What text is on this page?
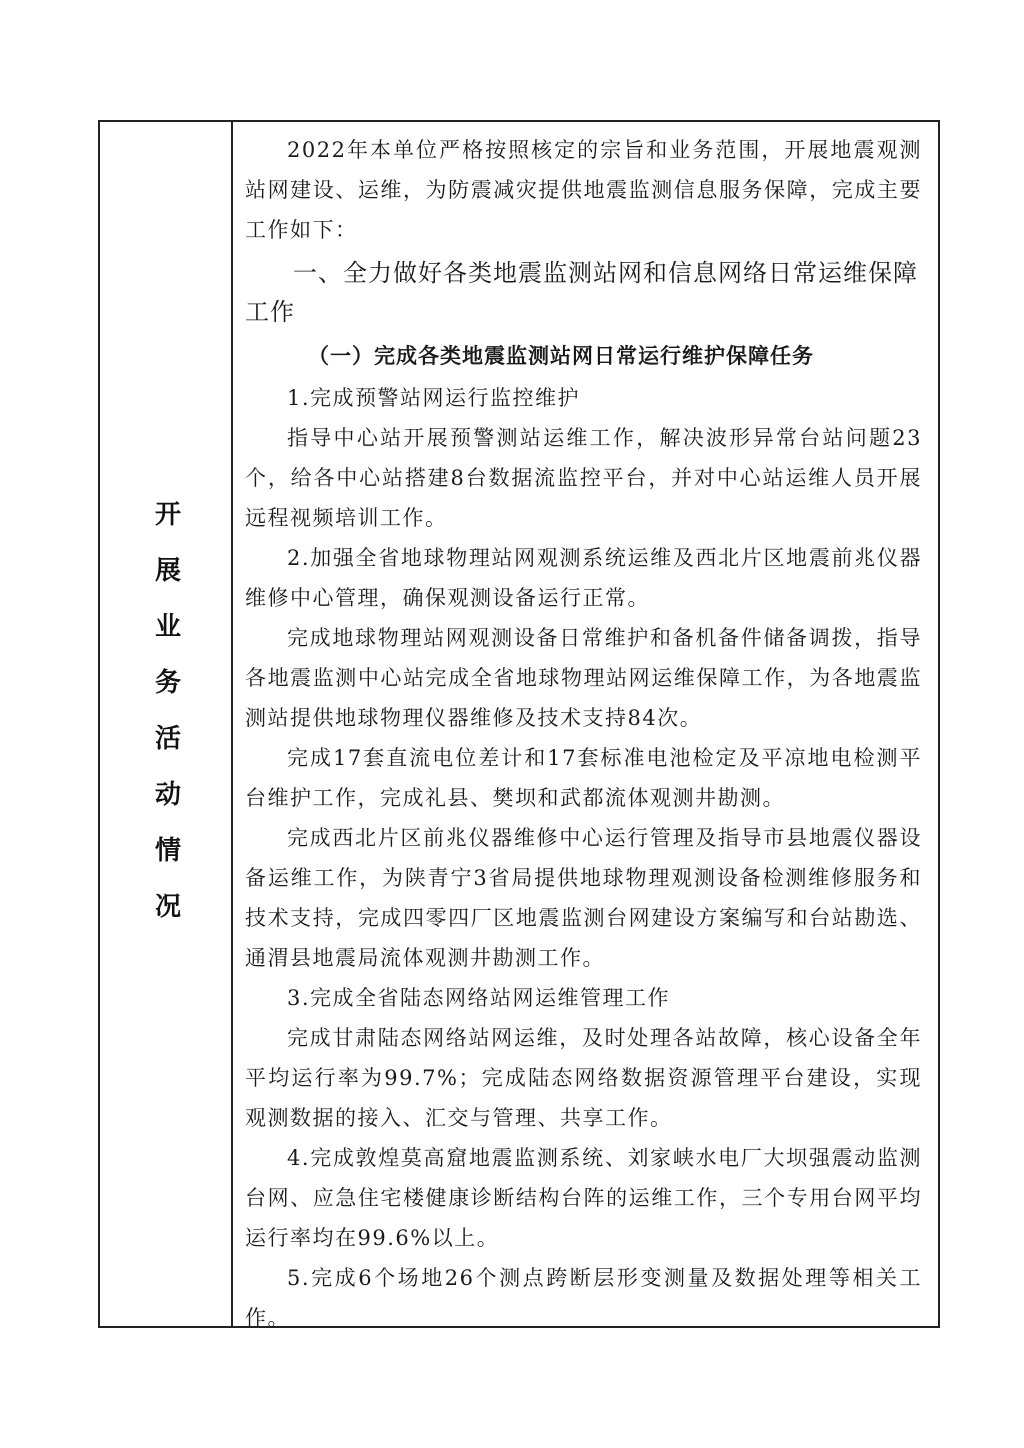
开展业务活动情况

2022年本单位严格按照核定的宗旨和业务范围，开展地震观测站网建设、运维，为防震减灾提供地震监测信息服务保障，完成主要工作如下：

一、全力做好各类地震监测站网和信息网络日常运维保障工作

（一）完成各类地震监测站网日常运行维护保障任务

1.完成预警站网运行监控维护

指导中心站开展预警测站运维工作，解决波形异常台站问题23个，给各中心站搭建8台数据流监控平台，并对中心站运维人员开展远程视频培训工作。

2.加强全省地球物理站网观测系统运维及西北片区地震前兆仪器维修中心管理，确保观测设备运行正常。

完成地球物理站网观测设备日常维护和备机备件储备调拨，指导各地震监测中心站完成全省地球物理站网运维保障工作，为各地震监测站提供地球物理仪器维修及技术支持84次。

完成17套直流电位差计和17套标准电池检定及平凉地电检测平台维护工作，完成礼县、樊坝和武都流体观测井勘测。

完成西北片区前兆仪器维修中心运行管理及指导市县地震仪器设备运维工作，为陕青宁3省局提供地球物理观测设备检测维修服务和技术支持，完成四零四厂区地震监测台网建设方案编写和台站勘选、通渭县地震局流体观测井勘测工作。

3.完成全省陆态网络站网运维管理工作

完成甘肃陆态网络站网运维，及时处理各站故障，核心设备全年平均运行率为99.7%；完成陆态网络数据资源管理平台建设，实现观测数据的接入、汇交与管理、共享工作。

4.完成敦煌莫高窟地震监测系统、刘家峡水电厂大坝强震动监测台网、应急住宅楼健康诊断结构台阵的运维工作，三个专用台网平均运行率均在99.6%以上。

5.完成6个场地26个测点跨断层形变测量及数据处理等相关工作。
